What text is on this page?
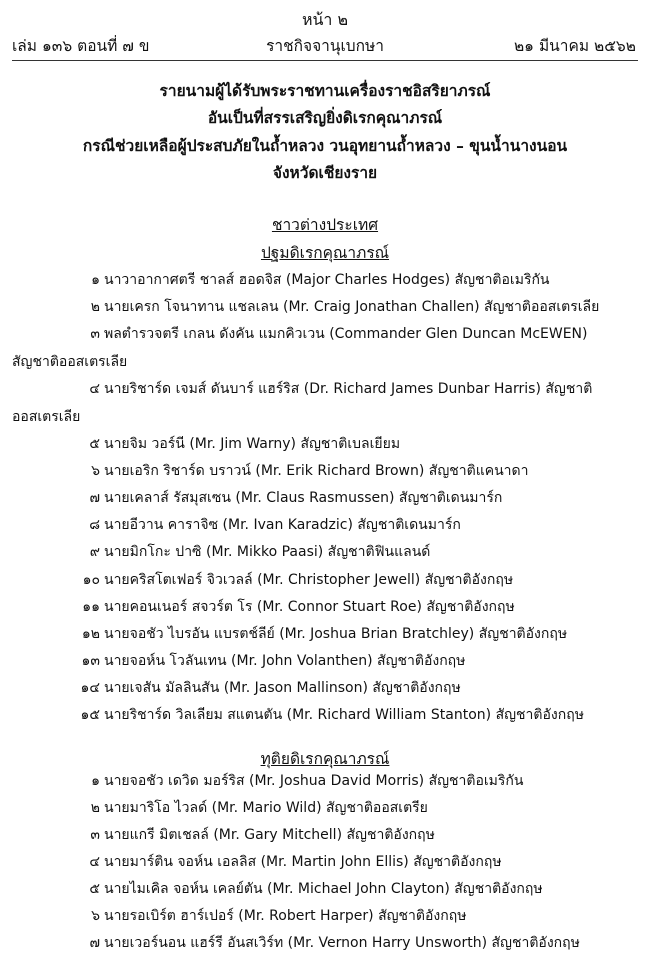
หน้า ๒
เล่ม ๑๓๖ ตอนที่ ๗ ข	ราชกิจจานุเบกษา	๒๑ มีนาคม ๒๕๖๒
รายนามผู้ได้รับพระราชทานเครื่องราชอิสริยาภรณ์
อันเป็นที่สรรเสริญยิ่งดิเรกคุณาภรณ์
กรณีช่วยเหลือผู้ประสบภัยในถ้ำหลวง วนอุทยานถ้ำหลวง – ขุนน้ำนางนอน
จังหวัดเชียงราย
ชาวต่างประเทศ
ปฐมดิเรกคุณาภรณ์
๑ นาวาอากาศตรี ชาลส์ ฮอดจิส (Major Charles Hodges) สัญชาติอเมริกัน
๒ นายเครก โจนาทาน แชลเลน (Mr. Craig Jonathan Challen) สัญชาติออสเตรเลีย
๓ พลตำรวจตรี เกลน ดังคัน แมกคิวเวน (Commander Glen Duncan McEWEN)
สัญชาติออสเตรเลีย
๔ นายริชาร์ด เจมส์ ดันบาร์ แฮร์ริส (Dr. Richard James Dunbar Harris) สัญชาติ
ออสเตรเลีย
๕ นายจิม วอร์นี (Mr. Jim Warny) สัญชาติเบลเยียม
๖ นายเอริก ริชาร์ด บราวน์ (Mr. Erik Richard Brown) สัญชาติแคนาดา
๗ นายเคลาส์ รัสมุสเซน (Mr. Claus Rasmussen) สัญชาติเดนมาร์ก
๘ นายอีวาน คาราจิซ (Mr. Ivan Karadzic) สัญชาติเดนมาร์ก
๙ นายมิกโกะ ปาซิ (Mr. Mikko Paasi) สัญชาติฟินแลนด์
๑๐ นายคริสโตเฟอร์ จิวเวลล์ (Mr. Christopher Jewell) สัญชาติอังกฤษ
๑๑ นายคอนเนอร์ สจวร์ต โร (Mr. Connor Stuart Roe) สัญชาติอังกฤษ
๑๒ นายจอชัว ไบรอัน แบรตช์ลีย์ (Mr. Joshua Brian Bratchley) สัญชาติอังกฤษ
๑๓ นายจอห์น โวลันเทน (Mr. John Volanthen) สัญชาติอังกฤษ
๑๔ นายเจสัน มัลลินสัน (Mr. Jason Mallinson) สัญชาติอังกฤษ
๑๕ นายริชาร์ด วิลเลียม สแตนตัน (Mr. Richard William Stanton) สัญชาติอังกฤษ
ทุติยดิเรกคุณาภรณ์
๑ นายจอชัว เดวิด มอร์ริส (Mr. Joshua David Morris) สัญชาติอเมริกัน
๒ นายมาริโอ ไวลด์ (Mr. Mario Wild) สัญชาติออสเตรีย
๓ นายแกรี มิตเชลล์ (Mr. Gary Mitchell) สัญชาติอังกฤษ
๔ นายมาร์ติน จอห์น เอลลิส (Mr. Martin John Ellis) สัญชาติอังกฤษ
๕ นายไมเคิล จอห์น เคลย์ตัน (Mr. Michael John Clayton) สัญชาติอังกฤษ
๖ นายรอเบิร์ต ฮาร์เปอร์ (Mr. Robert Harper) สัญชาติอังกฤษ
๗ นายเวอร์นอน แฮร์รี อันสเวิร์ท (Mr. Vernon Harry Unsworth) สัญชาติอังกฤษ
